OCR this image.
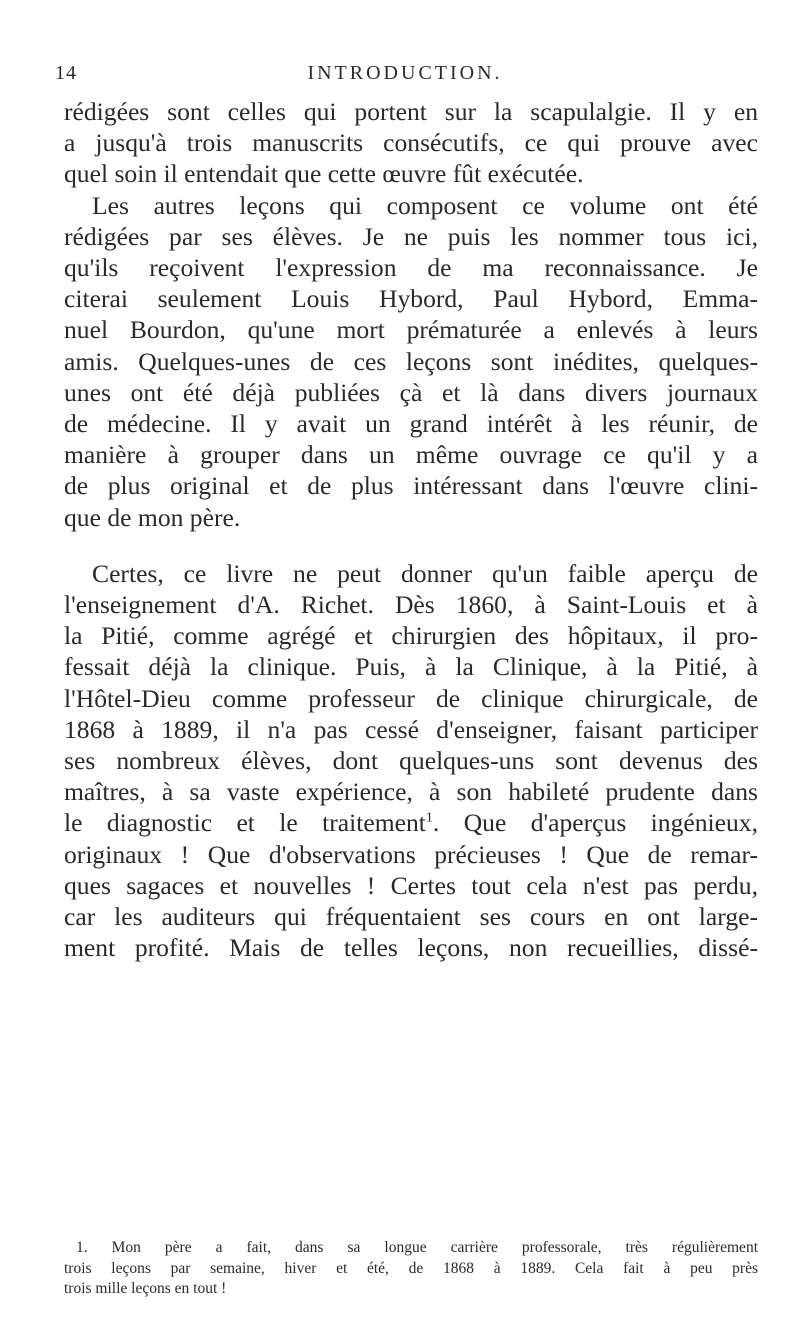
14	INTRODUCTION.

rédigées sont celles qui portent sur la scapulalgie. Il y en
a jusqu'à trois manuscrits consécutifs, ce qui prouve avec
quel soin il entendait que cette œuvre fût exécutée.

Les autres leçons qui composent ce volume ont été
rédigées par ses élèves. Je ne puis les nommer tous ici,
qu'ils reçoivent l'expression de ma reconnaissance. Je
citerai seulement Louis Hybord, Paul Hybord, Emma-
nuel Bourdon, qu'une mort prématurée a enlevés à leurs
amis. Quelques-unes de ces leçons sont inédites, quelques-
unes ont été déjà publiées çà et là dans divers journaux
de médecine. Il y avait un grand intérêt à les réunir, de
manière à grouper dans un même ouvrage ce qu'il y a
de plus original et de plus intéressant dans l'œuvre clini-
que de mon père.

Certes, ce livre ne peut donner qu'un faible aperçu de
l'enseignement d'A. Richet. Dès 1860, à Saint-Louis et à
la Pitié, comme agrégé et chirurgien des hôpitaux, il pro-
fessait déjà la clinique. Puis, à la Clinique, à la Pitié, à
l'Hôtel-Dieu comme professeur de clinique chirurgicale, de
1868 à 1889, il n'a pas cessé d'enseigner, faisant participer
ses nombreux élèves, dont quelques-uns sont devenus des
maîtres, à sa vaste expérience, à son habileté prudente dans
le diagnostic et le traitement$^1$. Que d'aperçus ingénieux,
originaux ! Que d'observations précieuses ! Que de remar-
ques sagaces et nouvelles ! Certes tout cela n'est pas perdu,
car les auditeurs qui fréquentaient ses cours en ont large-
ment profité. Mais de telles leçons, non recueillies, dissé-

1. Mon père a fait, dans sa longue carrière professorale, très régulièrement
trois leçons par semaine, hiver et été, de 1868 à 1889. Cela fait à peu près
trois mille leçons en tout !
